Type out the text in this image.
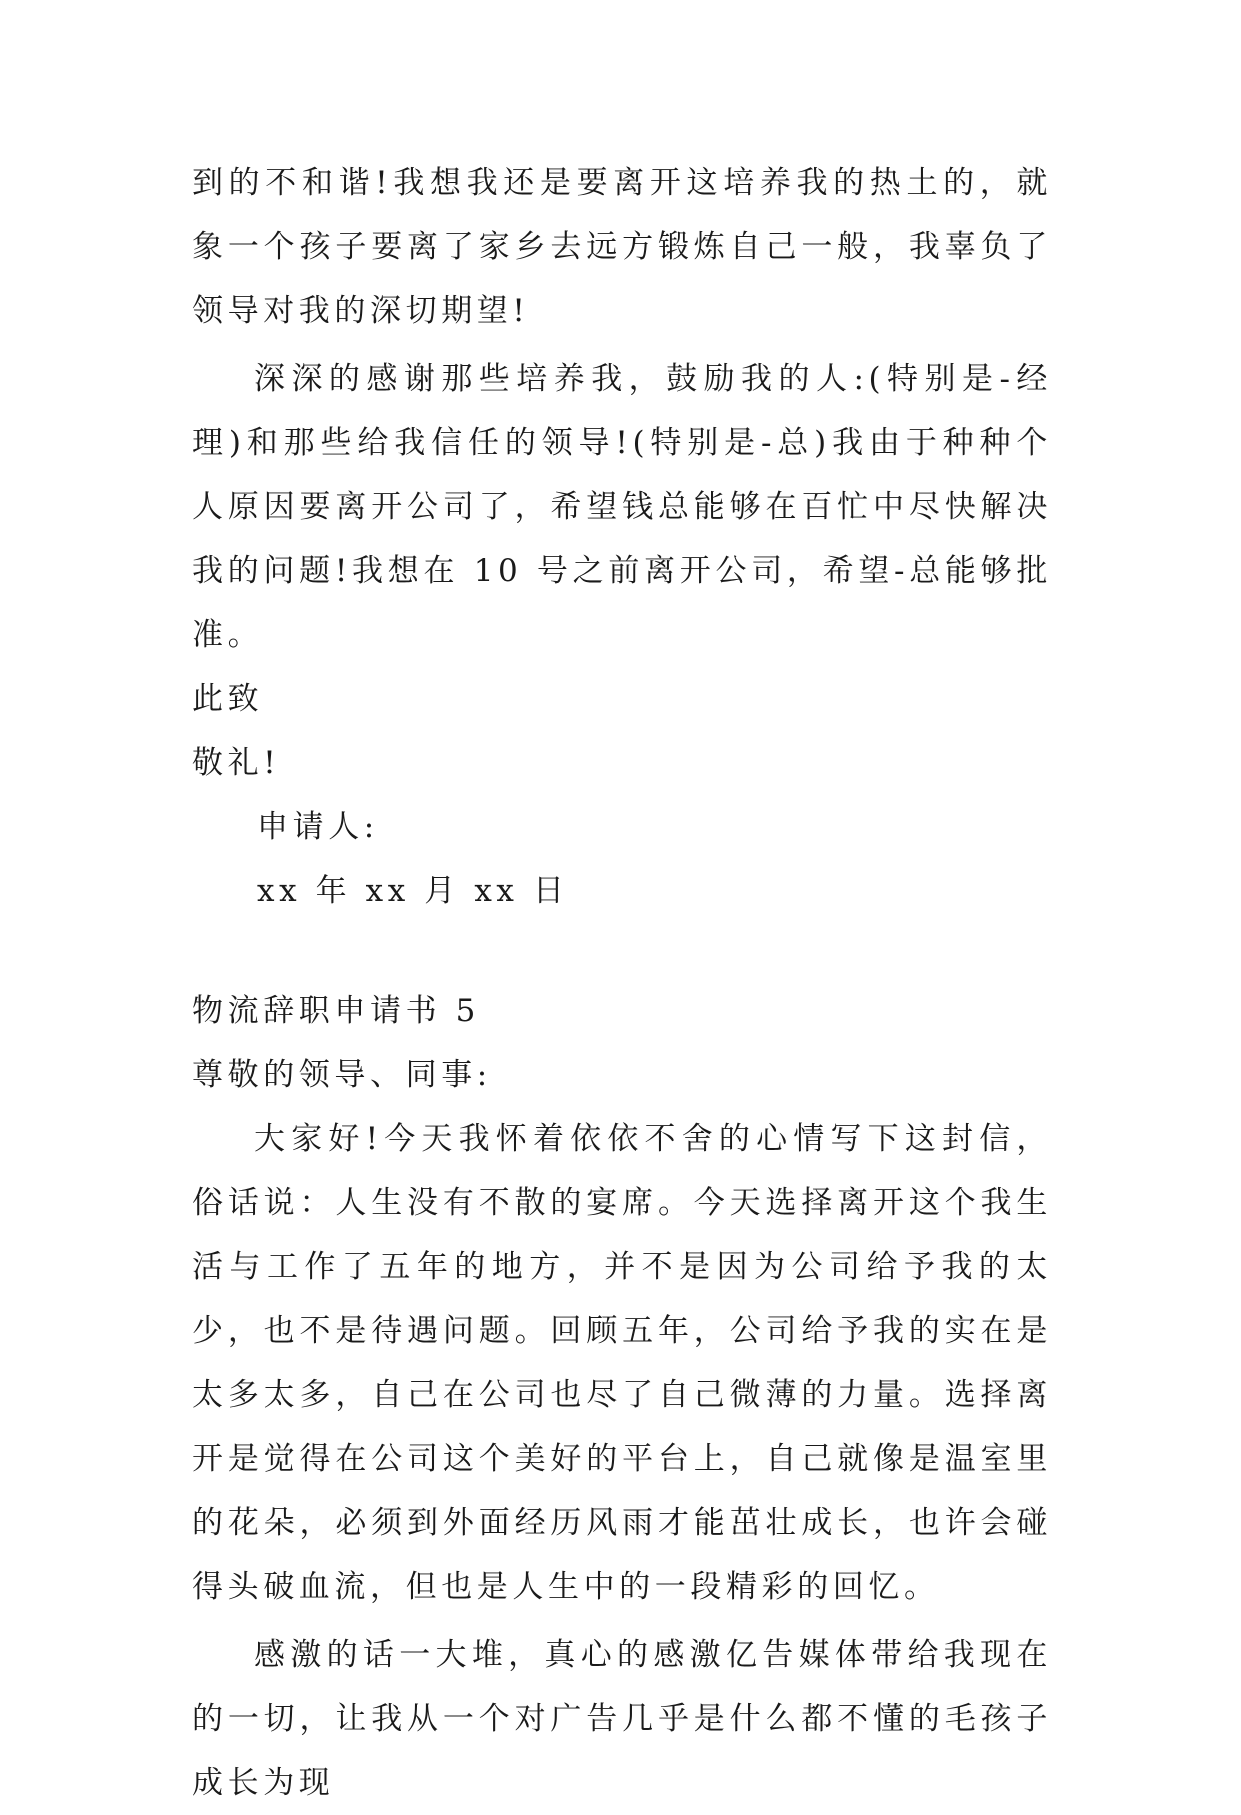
到的不和谐!我想我还是要离开这培养我的热土的，就象一个孩子要离了家乡去远方锻炼自己一般，我辜负了领导对我的深切期望!

深深的感谢那些培养我，鼓励我的人:(特别是-经理)和那些给我信任的领导!(特别是-总)我由于种种个人原因要离开公司了，希望钱总能够在百忙中尽快解决我的问题!我想在 10 号之前离开公司，希望-总能够批准。

此致

敬礼!

申请人:

xx 年 xx 月 xx 日

物流辞职申请书 5

尊敬的领导、同事:

大家好!今天我怀着依依不舍的心情写下这封信，俗话说：人生没有不散的宴席。今天选择离开这个我生活与工作了五年的地方，并不是因为公司给予我的太少，也不是待遇问题。回顾五年，公司给予我的实在是太多太多，自己在公司也尽了自己微薄的力量。选择离开是觉得在公司这个美好的平台上，自己就像是温室里的花朵，必须到外面经历风雨才能茁壮成长，也许会碰得头破血流，但也是人生中的一段精彩的回忆。

感激的话一大堆，真心的感激亿告媒体带给我现在的一切，让我从一个对广告几乎是什么都不懂的毛孩子成长为现
